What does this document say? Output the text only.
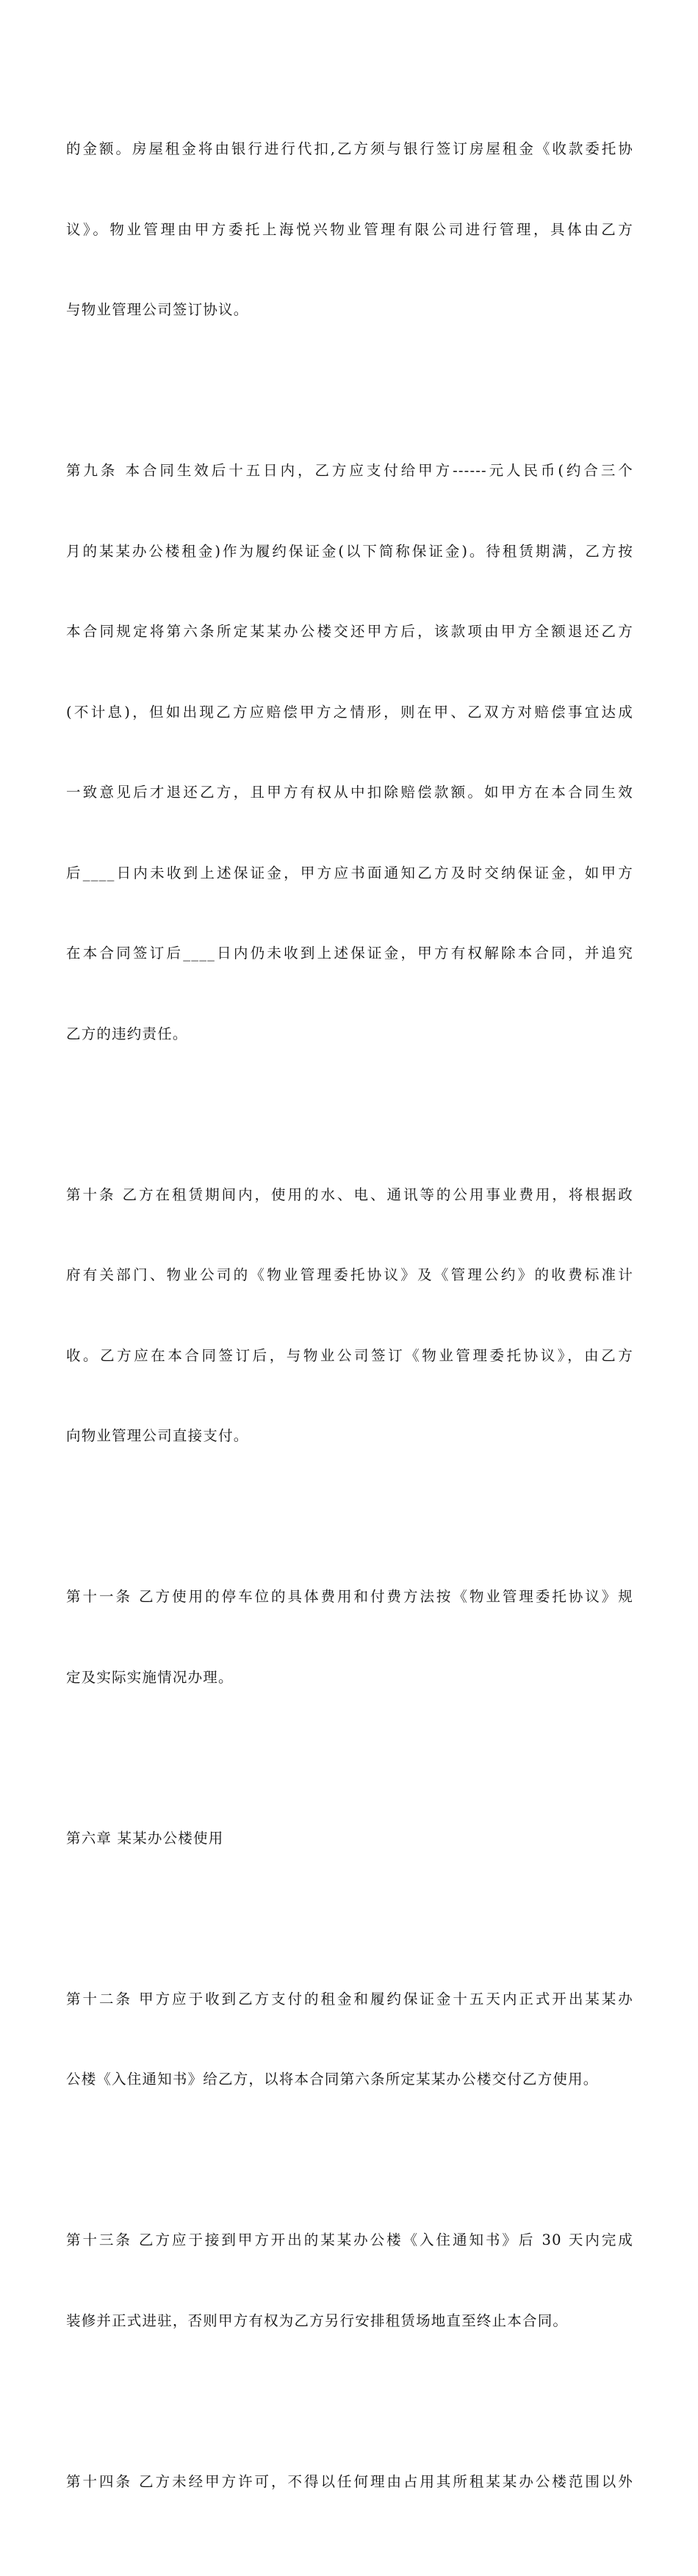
的金额。房屋租金将由银行进行代扣,乙方须与银行签订房屋租金《收款委托协

议》。物业管理由甲方委托上海悦兴物业管理有限公司进行管理，具体由乙方

与物业管理公司签订协议。

第九条 本合同生效后十五日内，乙方应支付给甲方------元人民币(约合三个

月的某某办公楼租金)作为履约保证金(以下简称保证金)。待租赁期满，乙方按

本合同规定将第六条所定某某办公楼交还甲方后，该款项由甲方全额退还乙方

(不计息)，但如出现乙方应赔偿甲方之情形，则在甲、乙双方对赔偿事宜达成

一致意见后才退还乙方，且甲方有权从中扣除赔偿款额。如甲方在本合同生效

后____日内未收到上述保证金，甲方应书面通知乙方及时交纳保证金，如甲方

在本合同签订后____日内仍未收到上述保证金，甲方有权解除本合同，并追究

乙方的违约责任。

第十条 乙方在租赁期间内，使用的水、电、通讯等的公用事业费用，将根据政

府有关部门、物业公司的《物业管理委托协议》及《管理公约》的收费标准计

收。乙方应在本合同签订后，与物业公司签订《物业管理委托协议》，由乙方

向物业管理公司直接支付。

第十一条 乙方使用的停车位的具体费用和付费方法按《物业管理委托协议》规

定及实际实施情况办理。

第六章 某某办公楼使用

第十二条 甲方应于收到乙方支付的租金和履约保证金十五天内正式开出某某办

公楼《入住通知书》给乙方，以将本合同第六条所定某某办公楼交付乙方使用。

第十三条 乙方应于接到甲方开出的某某办公楼《入住通知书》后 30 天内完成

装修并正式进驻，否则甲方有权为乙方另行安排租赁场地直至终止本合同。

第十四条 乙方未经甲方许可，不得以任何理由占用其所租某某办公楼范围以外
